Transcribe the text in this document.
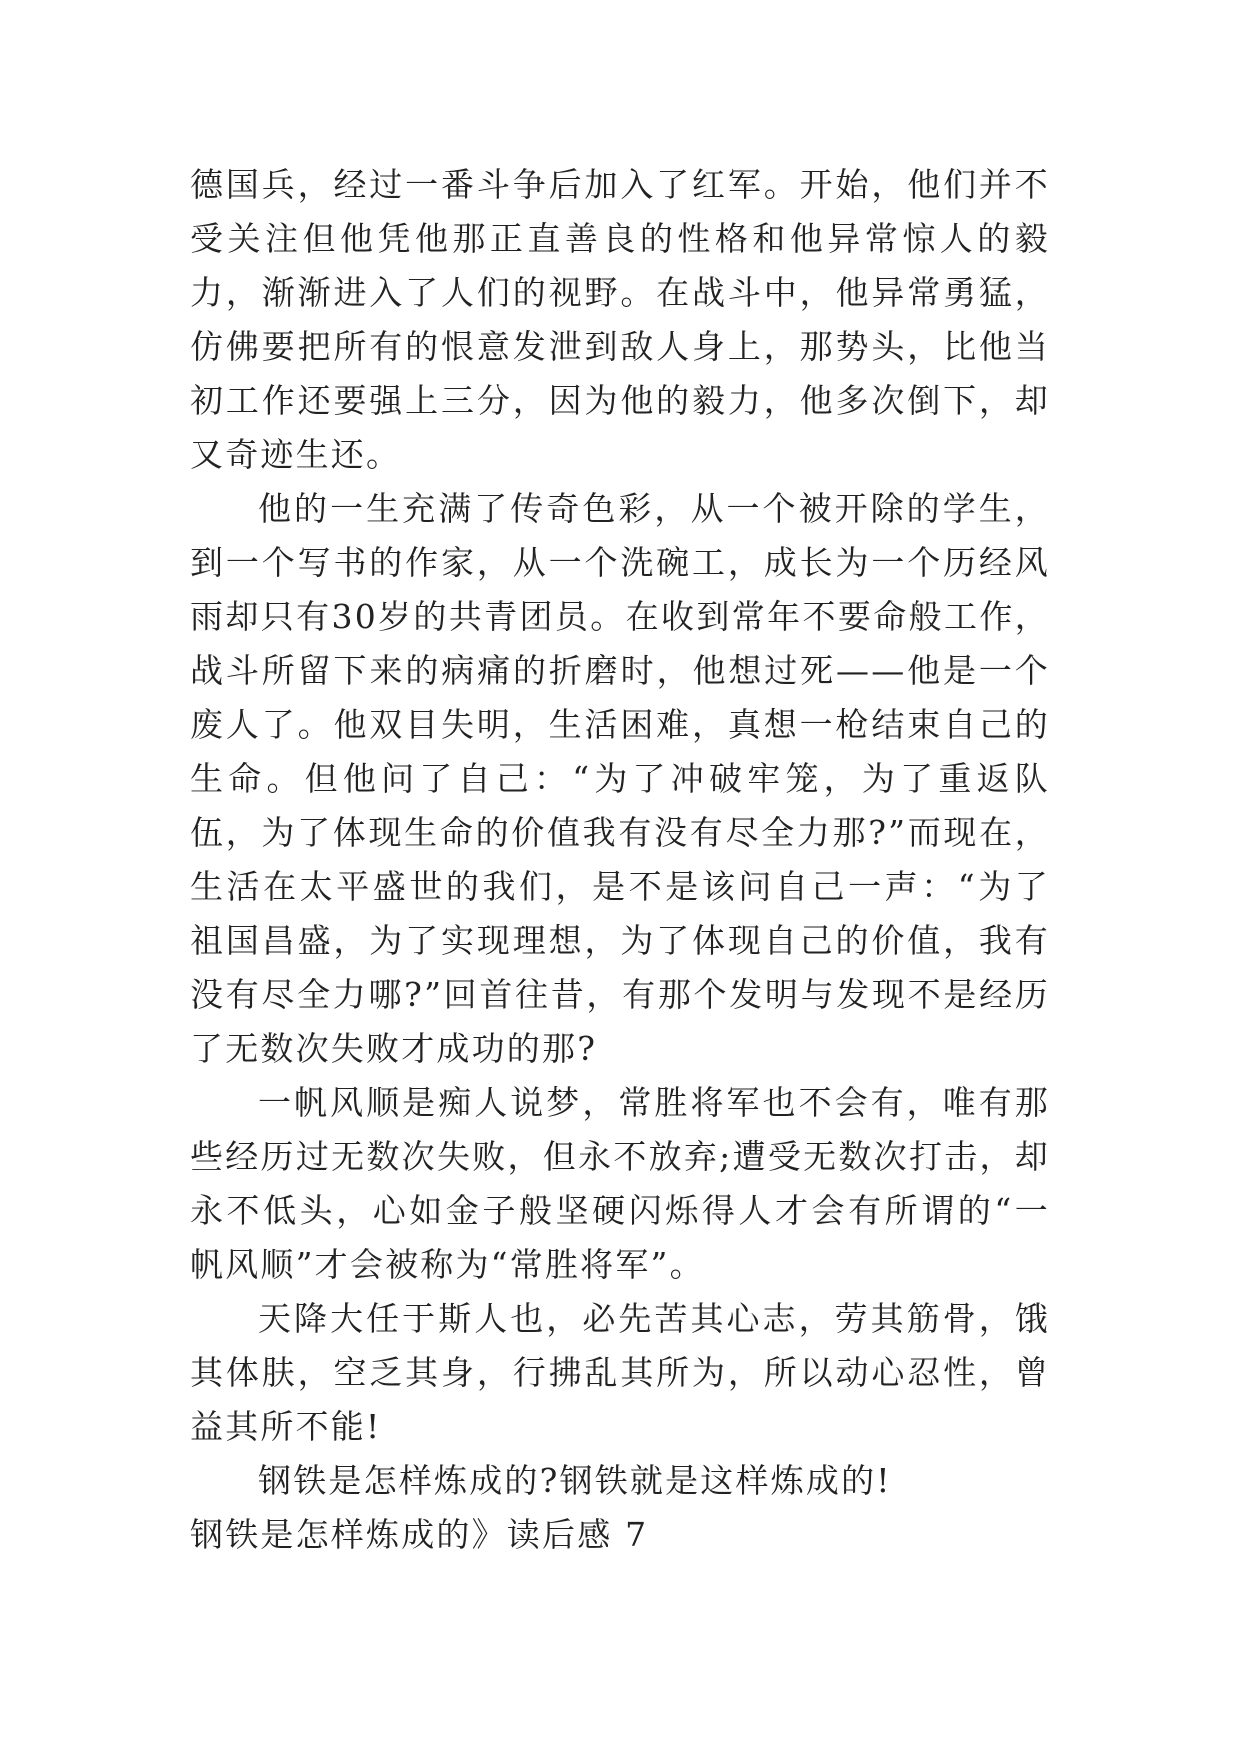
德国兵，经过一番斗争后加入了红军。开始，他们并不受关注但他凭他那正直善良的性格和他异常惊人的毅力，渐渐进入了人们的视野。在战斗中，他异常勇猛，仿佛要把所有的恨意发泄到敌人身上，那势头，比他当初工作还要强上三分，因为他的毅力，他多次倒下，却又奇迹生还。

他的一生充满了传奇色彩，从一个被开除的学生，到一个写书的作家，从一个洗碗工，成长为一个历经风雨却只有30岁的共青团员。在收到常年不要命般工作，战斗所留下来的病痛的折磨时，他想过死——他是一个废人了。他双目失明，生活困难，真想一枪结束自己的生命。但他问了自己：“为了冲破牢笼，为了重返队伍，为了体现生命的价值我有没有尽全力那?”而现在，生活在太平盛世的我们，是不是该问自己一声：“为了祖国昌盛，为了实现理想，为了体现自己的价值，我有没有尽全力哪?”回首往昔，有那个发明与发现不是经历了无数次失败才成功的那?

一帆风顺是痴人说梦，常胜将军也不会有，唯有那些经历过无数次失败，但永不放弃;遭受无数次打击，却永不低头，心如金子般坚硬闪烁得人才会有所谓的“一帆风顺”才会被称为“常胜将军”。

天降大任于斯人也，必先苦其心志，劳其筋骨，饿其体肤，空乏其身，行拂乱其所为，所以动心忍性，曾益其所不能!

钢铁是怎样炼成的?钢铁就是这样炼成的!

钢铁是怎样炼成的》读后感 7
